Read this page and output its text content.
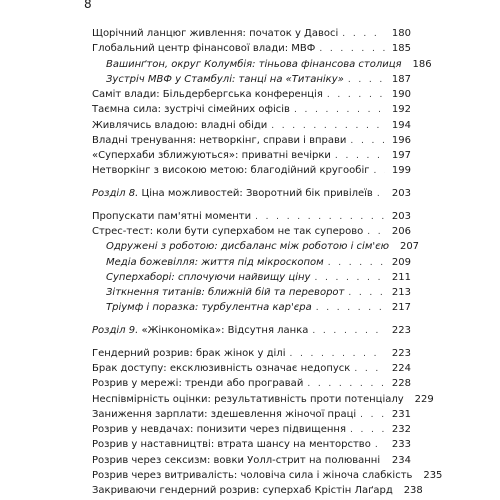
8
Щорічний ланцюг живлення: початок у Давосі . . .	180
Глобальний центр фінансової влади: МВФ . . .	185
Вашинґтон, округ Колумбія: тіньова фінансова столиця 186
Зустріч МВФ у Стамбулі: танці на «Титаніку» . . .	187
Саміт влади: Більдербергська конференція . . .	190
Таємна сила: зустрічі сімейних офісів . . .	192
Живлячись владою: владні обіди . . .	194
Владні тренування: нетворкінг, справи і вправи . . .	196
«Суперхаби зближуються»: приватні вечірки . . .	197
Нетворкінг з високою метою: благодійний кругообіг . . . 199
Розділ 8. Ціна можливостей: Зворотний бік привілеїв . . . 203
Пропускати пам'ятні моменти . . .	203
Стрес-тест: коли бути суперхабом не так суперово . . .	206
Одружені з роботою: дисбаланс між роботою і сім'єю 207
Медіа божевілля: життя під мікроскопом . . .	209
Суперхаборі: сплочуючи найвищу ціну . . .	211
Зіткнення титанів: ближній бій та переворот . . .	213
Тріумф і поразка: турбулентна кар'єра . . .	217
Розділ 9. «Жінкономіка»: Відсутня ланка . . .	223
Гендерний розрив: брак жінок у ділі . . .	223
Брак доступу: ексклюзивність означає недопуск . . .	224
Розрив у мережі: тренди або програвай . . .	228
Неспівмірність оцінки: результативність проти потенціалу 229
Заниження зарплати: здешевлення жіночої праці . . .	231
Розрив у невдачах: понизити через підвищення . . .	232
Розрив у наставництві: втрата шансу на менторство . . . 233
Розрив через сексизм: вовки Уолл-стрит на полюванні . . . 234
Розрив через витривалість: чоловіча сила і жіноча слабкість 235
Закриваючи гендерний розрив: суперхаб Крістін Лаґард 238
